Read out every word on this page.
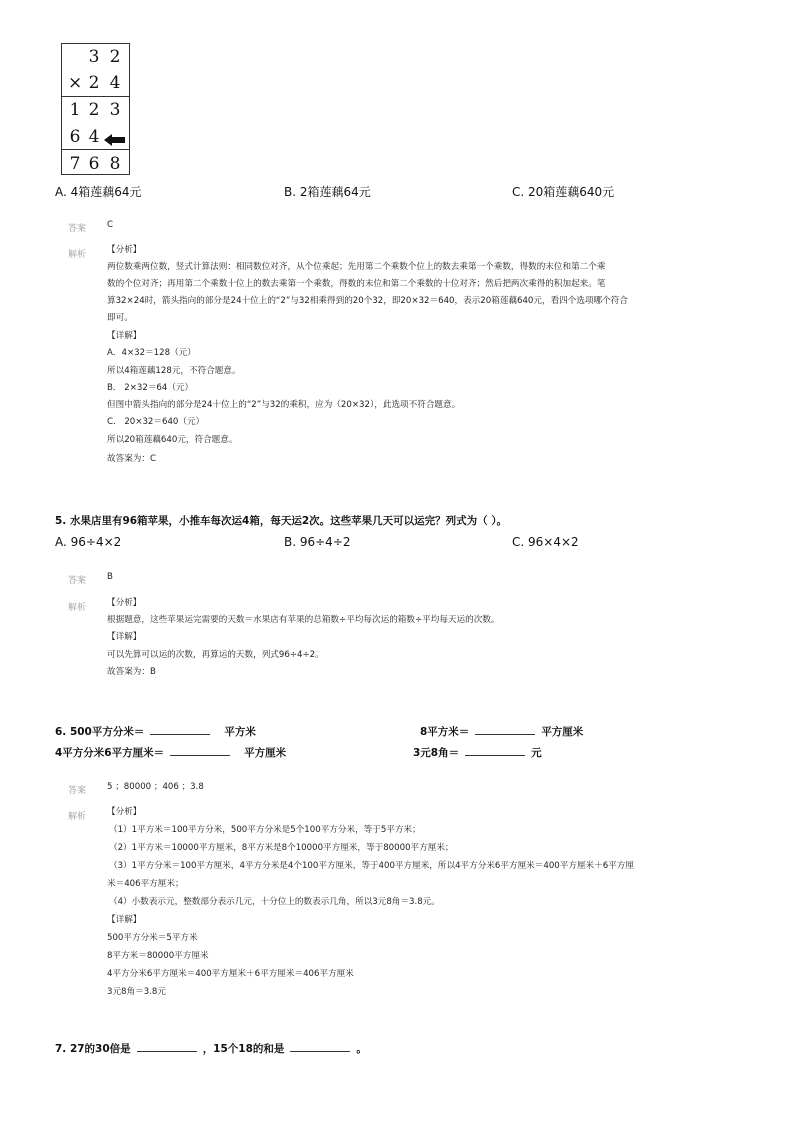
3 2
× 2 4
1 2 3
6 4
7 6 8
A. 4箱莲藕64元	B. 2箱莲藕64元	C. 20箱莲藕640元
答案 C
解析 【分析】
两位数乘两位数，竖式计算法则：相同数位对齐，从个位乘起；先用第二个乘数个位上的数去乘第一个乘数，得数的末位和第二个乘
数的个位对齐；再用第二个乘数十位上的数去乘第一个乘数，得数的末位和第二个乘数的十位对齐；然后把两次乘得的积加起来。笔
算32×24时，箭头指向的部分是24十位上的“2”与32相乘得到的20个32，即20×32＝640，表示20箱莲藕640元，看四个选项哪个符合
即可。
【详解】
A．4×32＝128（元）
所以4箱莲藕128元，不符合题意。
B． 2×32＝64（元）
但图中箭头指向的部分是24十位上的“2”与32的乘积，应为（20×32），此选项不符合题意。
C． 20×32＝640（元）
所以20箱莲藕640元，符合题意。
故答案为：C
5. 水果店里有96箱苹果，小推车每次运4箱，每天运2次。这些苹果几天可以运完？列式为（ ）。
A. 96÷4×2	B. 96÷4÷2	C. 96×4×2
答案 B
解析 【分析】
根据题意，这些苹果运完需要的天数＝水果店有苹果的总箱数÷平均每次运的箱数÷平均每天运的次数。
【详解】
可以先算可以运的次数，再算运的天数，列式96÷4÷2。
故答案为：B
6. 500平方分米＝	平方米	8平方米＝	平方厘米
4平方分米6平方厘米＝	平方厘米	3元8角＝	元
答案 5 ；80000 ；406 ；3.8
解析 【分析】
（1）1平方米＝100平方分米，500平方分米是5个100平方分米，等于5平方米；
（2）1平方米＝10000平方厘米，8平方米是8个10000平方厘米，等于80000平方厘米；
（3）1平方分米＝100平方厘米，4平方分米是4个100平方厘米，等于400平方厘米，所以4平方分米6平方厘米＝400平方厘米＋6平方厘
米＝406平方厘米；
（4）小数表示元，整数部分表示几元，十分位上的数表示几角，所以3元8角＝3.8元。
【详解】
500平方分米＝5平方米
8平方米＝80000平方厘米
4平方分米6平方厘米＝400平方厘米＋6平方厘米＝406平方厘米
3元8角＝3.8元
7. 27的30倍是	，15个18的和是	。
